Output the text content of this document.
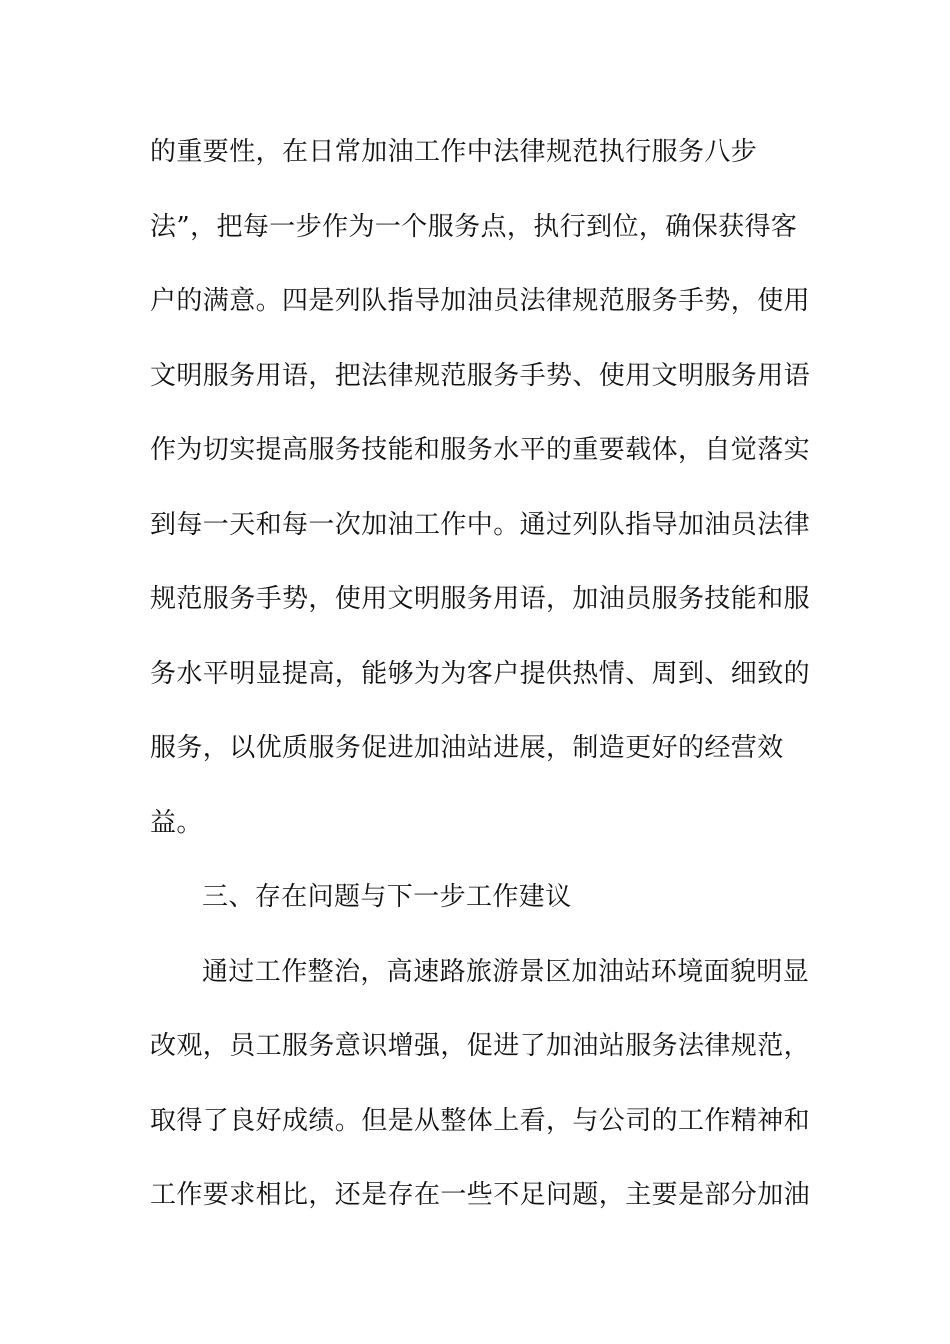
的重要性，在日常加油工作中法律规范执行服务八步
法”，把每一步作为一个服务点，执行到位，确保获得客
户的满意。四是列队指导加油员法律规范服务手势，使用
文明服务用语，把法律规范服务手势、使用文明服务用语
作为切实提高服务技能和服务水平的重要载体，自觉落实
到每一天和每一次加油工作中。通过列队指导加油员法律
规范服务手势，使用文明服务用语，加油员服务技能和服
务水平明显提高，能够为为客户提供热情、周到、细致的
服务，以优质服务促进加油站进展，制造更好的经营效
益。
三、存在问题与下一步工作建议
通过工作整治，高速路旅游景区加油站环境面貌明显
改观，员工服务意识增强，促进了加油站服务法律规范，
取得了良好成绩。但是从整体上看，与公司的工作精神和
工作要求相比，还是存在一些不足问题，主要是部分加油
